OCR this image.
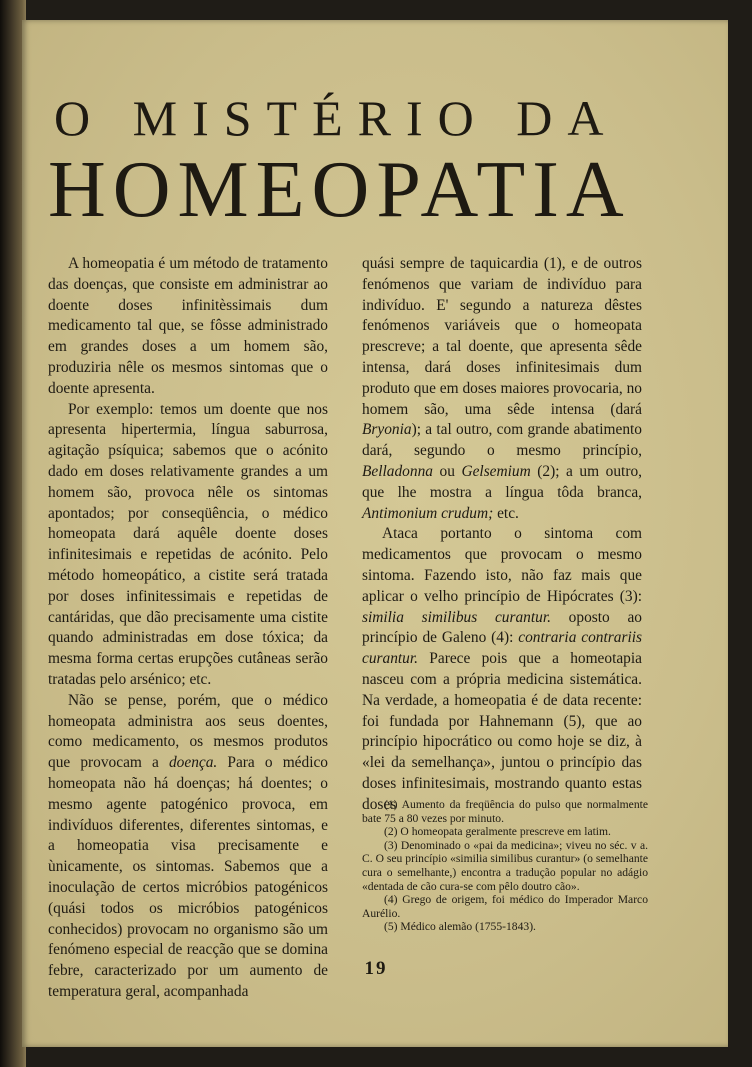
O MISTÉRIO DA
HOMEOPATIA

A homeopatia é um método de tratamento das doenças, que consiste em administrar ao doente doses infinitèssimais dum medicamento tal que, se fôsse administrado em grandes doses a um homem são, produziria nêle os mesmos sintomas que o doente apresenta.

Por exemplo: temos um doente que nos apresenta hipertermia, língua saburrosa, agitação psíquica; sabemos que o acónito dado em doses relativamente grandes a um homem são, provoca nêle os sintomas apontados; por conseqüência, o médico homeopata dará aquêle doente doses infinitesimais e repetidas de acónito. Pelo método homeopático, a cistite será tratada por doses infinitessimais e repetidas de cantáridas, que dão precisamente uma cistite quando administradas em dose tóxica; da mesma forma certas erupções cutâneas serão tratadas pelo arsénico; etc.

Não se pense, porém, que o médico homeopata administra aos seus doentes, como medicamento, os mesmos produtos que provocam a doença. Para o médico homeopata não há doenças; há doentes; o mesmo agente patogénico provoca, em indivíduos diferentes, diferentes sintomas, e a homeopatia visa precisamente e ùnicamente, os sintomas. Sabemos que a inoculação de certos micróbios patogénicos (quási todos os micróbios patogénicos conhecidos) provocam no organismo são um fenómeno especial de reacção que se domina febre, caracterizado por um aumento de temperatura geral, acompanhada

quási sempre de taquicardia (1), e de outros fenómenos que variam de indivíduo para indivíduo. E' segundo a natureza dêstes fenómenos variáveis que o homeopata prescreve; a tal doente, que apresenta sêde intensa, dará doses infinitesimais dum produto que em doses maiores provocaria, no homem são, uma sêde intensa (dará Bryonia); a tal outro, com grande abatimento dará, segundo o mesmo princípio, Belladonna ou Gelsemium (2); a um outro, que lhe mostra a língua tôda branca, Antimonium crudum; etc.

Ataca portanto o sintoma com medicamentos que provocam o mesmo sintoma. Fazendo isto, não faz mais que aplicar o velho princípio de Hipócrates (3): similia similibus curantur. oposto ao princípio de Galeno (4): contraria contrariis curantur. Parece pois que a homeotapia nasceu com a própria medicina sistemática. Na verdade, a homeopatia é de data recente: foi fundada por Hahnemann (5), que ao princípio hipocrático ou como hoje se diz, à «lei da semelhança», juntou o princípio das doses infinitesimais, mostrando quanto estas doses

(1) Aumento da freqüência do pulso que normalmente bate 75 a 80 vezes por minuto.

(2) O homeopata geralmente prescreve em latim.

(3) Denominado o «pai da medicina»; viveu no séc. v a. C. O seu princípio «similia similibus curantur» (o semelhante cura o semelhante,) encontra a tradução popular no adágio «dentada de cão cura-se com pêlo doutro cão».

(4) Grego de origem, foi médico do Imperador Marco Aurélio.

(5) Médico alemão (1755-1843).

19
